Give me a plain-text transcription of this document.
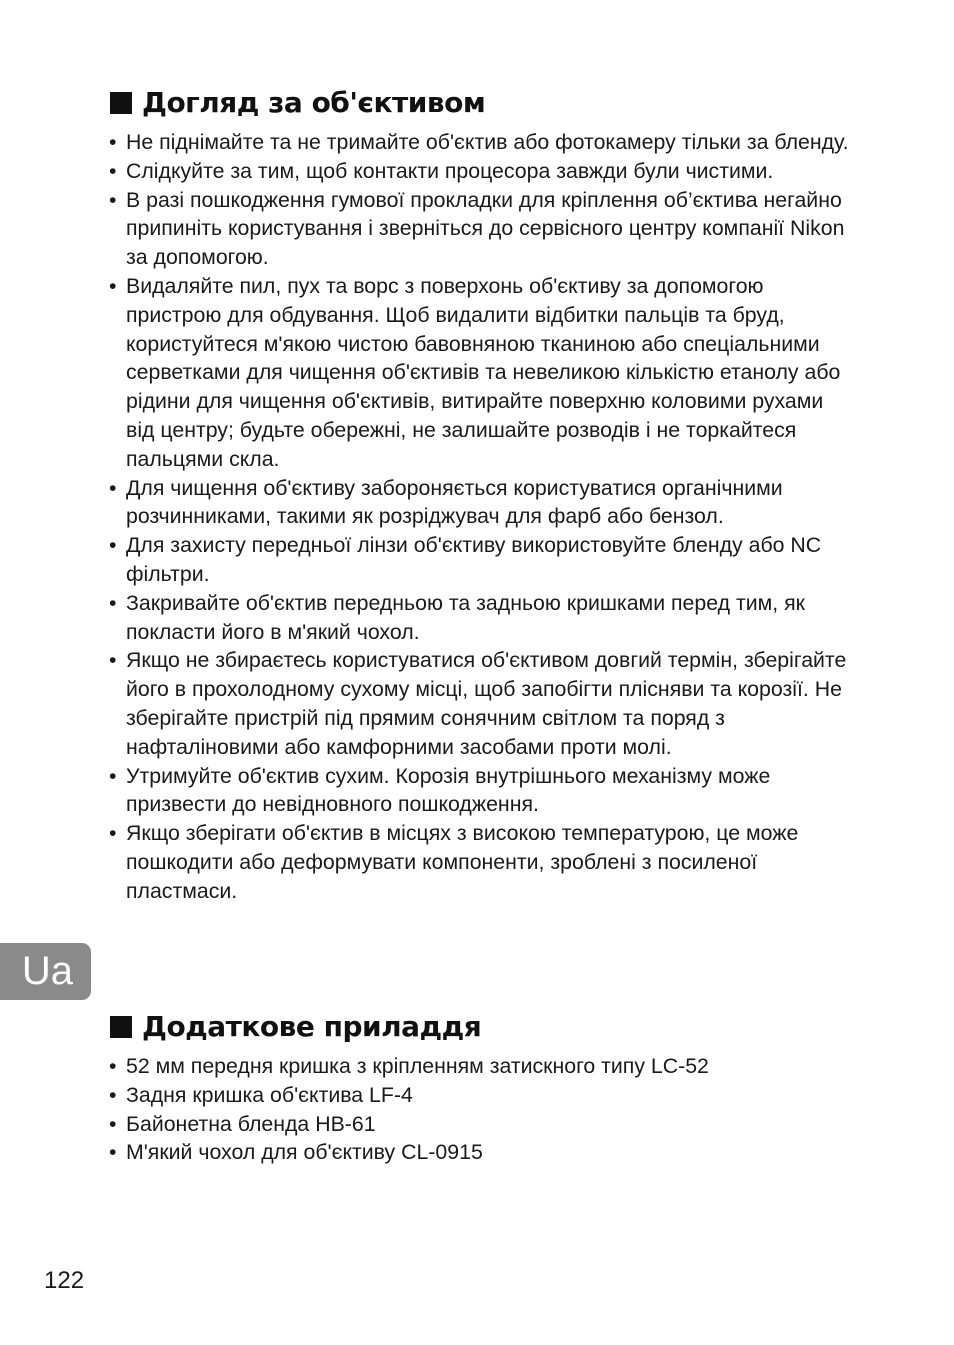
Догляд за об'єктивом
• Не піднімайте та не тримайте об'єктив або фотокамеру тільки за бленду.
• Слідкуйте за тим, щоб контакти процесора завжди були чистими.
• В разі пошкодження гумової прокладки для кріплення об’єктива негайно припиніть користування і зверніться до сервісного центру компанії Nikon за допомогою.
• Видаляйте пил, пух та ворс з поверхонь об'єктиву за допомогою пристрою для обдування. Щоб видалити відбитки пальців та бруд, користуйтеся м'якою чистою бавовняною тканиною або спеціальними серветками для чищення об'єктивів та невеликою кількістю етанолу або рідини для чищення об'єктивів, витирайте поверхню коловими рухами від центру; будьте обережні, не залишайте розводів і не торкайтеся пальцями скла.
• Для чищення об'єктиву забороняється користуватися органічними розчинниками, такими як розріджувач для фарб або бензол.
• Для захисту передньої лінзи об'єктиву використовуйте бленду або NC фільтри.
• Закривайте об'єктив передньою та задньою кришками перед тим, як покласти його в м'який чохол.
• Якщо не збираєтесь користуватися об'єктивом довгий термін, зберігайте його в прохолодному сухому місці, щоб запобігти плісняви та корозії. Не зберігайте пристрій під прямим сонячним світлом та поряд з нафталіновими або камфорними засобами проти молі.
• Утримуйте об'єктив сухим. Корозія внутрішнього механізму може призвести до невідновного пошкодження.
• Якщо зберігати об'єктив в місцях з високою температурою, це може пошкодити або деформувати компоненти, зроблені з посиленої пластмаси.
Ua
Додаткове приладдя
• 52 мм передня кришка з кріпленням затискного типу LC-52
• Задня кришка об'єктива LF-4
• Байонетна бленда HB-61
• М'який чохол для об'єктиву CL-0915
122
